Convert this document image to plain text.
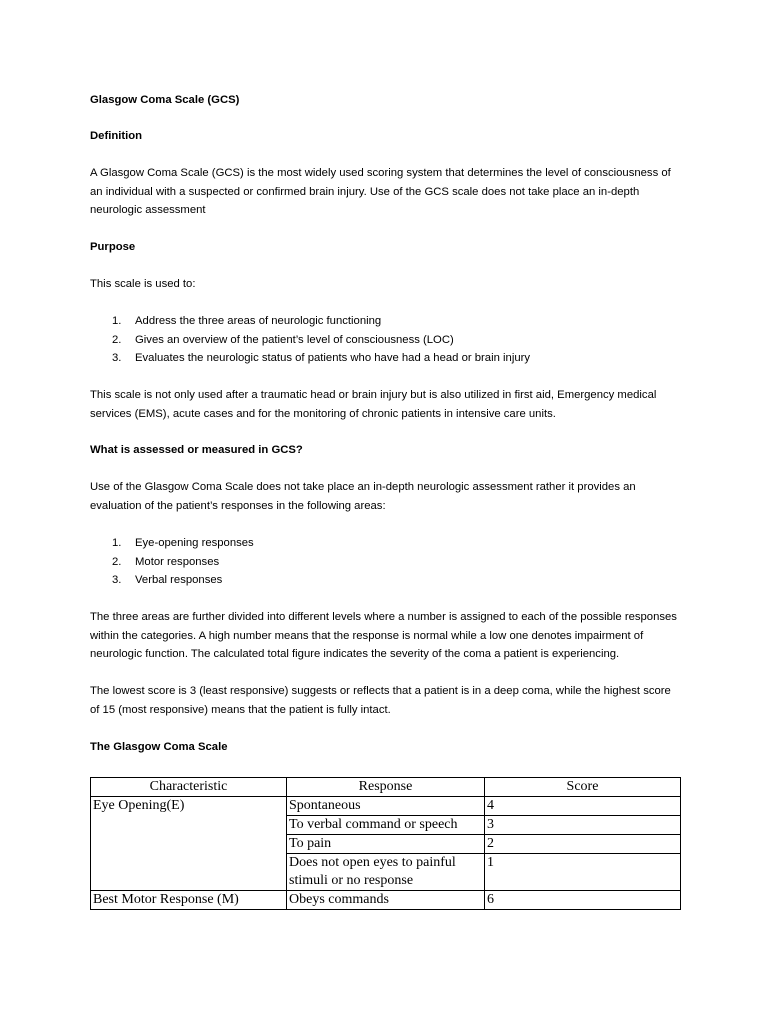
Glasgow Coma Scale (GCS)

Definition

A Glasgow Coma Scale (GCS) is the most widely used scoring system that determines the level of consciousness of an individual with a suspected or confirmed brain injury. Use of the GCS scale does not take place an in-depth neurologic assessment

Purpose

This scale is used to:

1. Address the three areas of neurologic functioning
2. Gives an overview of the patient’s level of consciousness (LOC)
3. Evaluates the neurologic status of patients who have had a head or brain injury

This scale is not only used after a traumatic head or brain injury but is also utilized in first aid, Emergency medical services (EMS), acute cases and for the monitoring of chronic patients in intensive care units.

What is assessed or measured in GCS?

Use of the Glasgow Coma Scale does not take place an in-depth neurologic assessment rather it provides an evaluation of the patient’s responses in the following areas:

1. Eye-opening responses
2. Motor responses
3. Verbal responses

The three areas are further divided into different levels where a number is assigned to each of the possible responses within the categories. A high number means that the response is normal while a low one denotes impairment of neurologic function. The calculated total figure indicates the severity of the coma a patient is experiencing.

The lowest score is 3 (least responsive) suggests or reflects that a patient is in a deep coma, while the highest score of 15 (most responsive) means that the patient is fully intact.

The Glasgow Coma Scale

Characteristic	Response	Score
Eye Opening(E)	Spontaneous	4
	To verbal command or speech	3
	To pain	2
	Does not open eyes to painful stimuli or no response	1
Best Motor Response (M)	Obeys commands	6
